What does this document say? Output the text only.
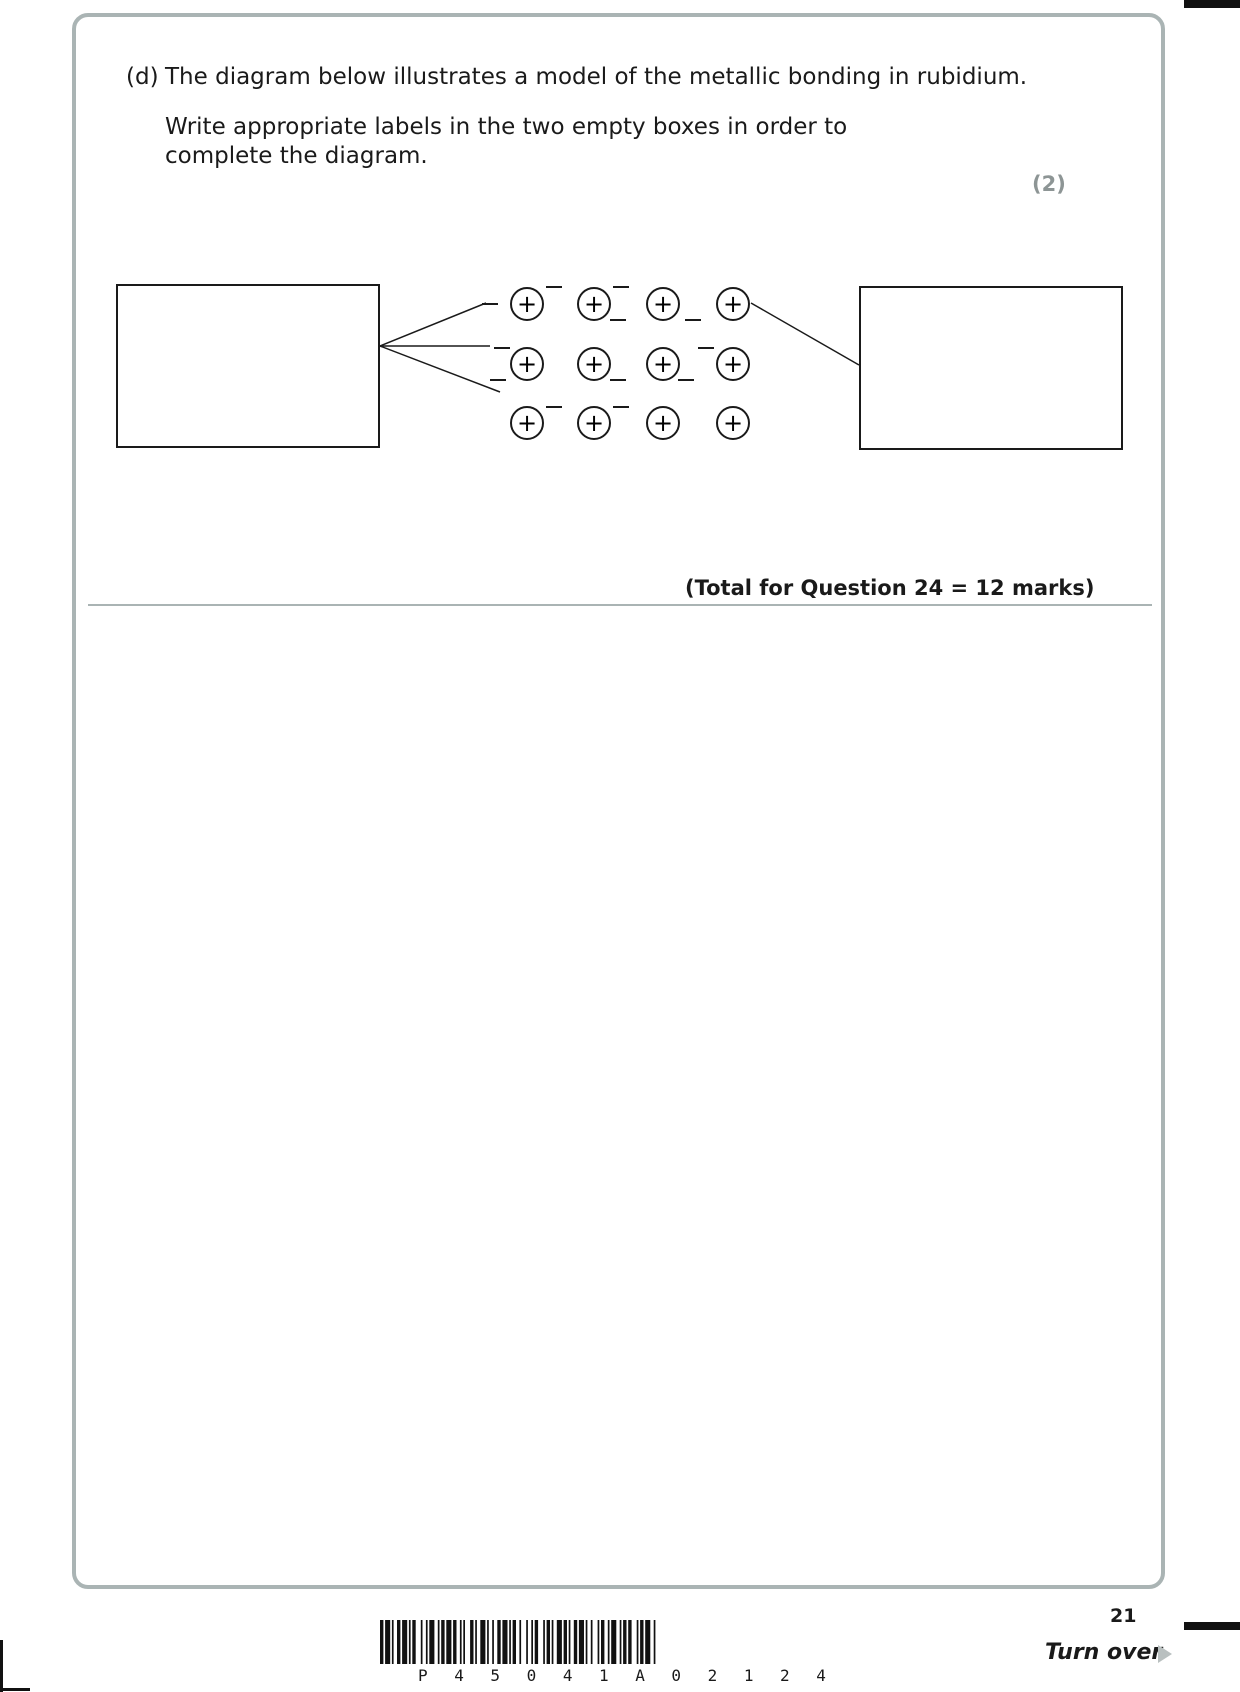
(d) The diagram below illustrates a model of the metallic bonding in rubidium.
Write appropriate labels in the two empty boxes in order to complete the diagram.
(2)
+ + + +
+ + + +
+ + + +
(Total for Question 24 = 12 marks)
P 4 5 0 4 1 A 0 2 1 2 4
21
Turn over
